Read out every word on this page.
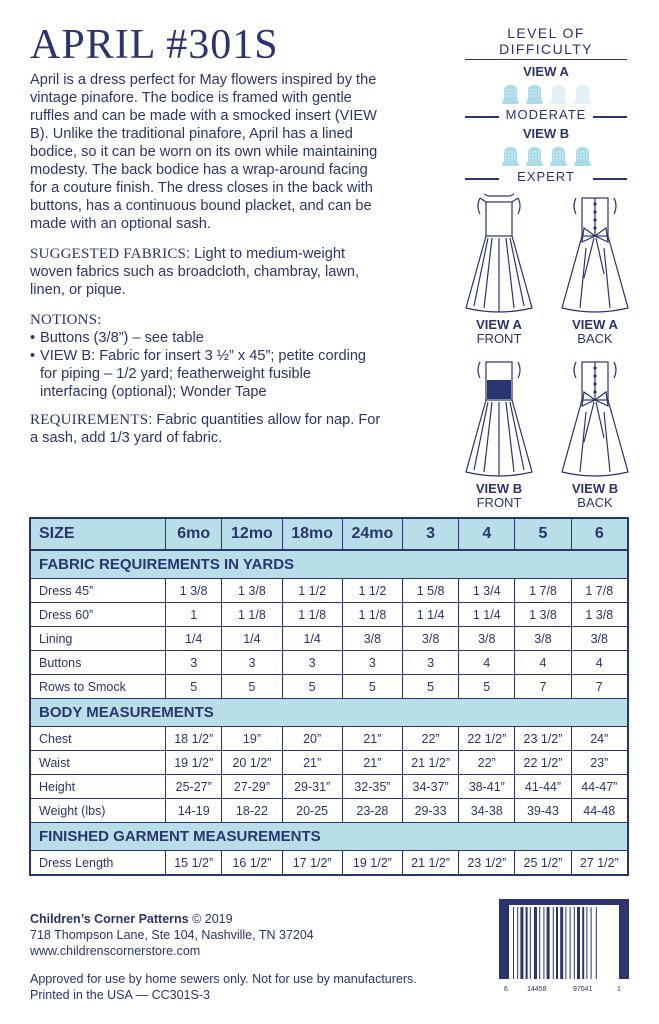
APRIL #301S

April is a dress perfect for May flowers inspired by the vintage pinafore. The bodice is framed with gentle ruffles and can be made with a smocked insert (VIEW B). Unlike the traditional pinafore, April has a lined bodice, so it can be worn on its own while maintaining modesty. The back bodice has a wrap-around facing for a couture finish. The dress closes in the back with buttons, has a continuous bound placket, and can be made with an optional sash.

SUGGESTED FABRICS: Light to medium-weight woven fabrics such as broadcloth, chambray, lawn, linen, or pique.

NOTIONS:
• Buttons (3/8”) – see table
• VIEW B: Fabric for insert 3 ½” x 45”; petite cording for piping – 1/2 yard; featherweight fusible interfacing (optional); Wonder Tape

REQUIREMENTS: Fabric quantities allow for nap. For a sash, add 1/3 yard of fabric.

LEVEL OF DIFFICULTY
VIEW A
MODERATE
VIEW B
EXPERT
VIEW A
FRONT
VIEW A
BACK
VIEW B
FRONT
VIEW B
BACK
SIZE	6mo	12mo	18mo	24mo	3	4	5	6
FABRIC REQUIREMENTS IN YARDS								
Dress 45”	1 3/8	1 3/8	1 1/2	1 1/2	1 5/8	1 3/4	1 7/8	1 7/8
Dress 60”	1	1 1/8	1 1/8	1 1/8	1 1/4	1 1/4	1 3/8	1 3/8
Lining	1/4	1/4	1/4	3/8	3/8	3/8	3/8	3/8
Buttons	3	3	3	3	3	4	4	4
Rows to Smock	5	5	5	5	5	5	7	7
BODY MEASUREMENTS								
Chest	18 1/2”	19”	20”	21”	22”	22 1/2”	23 1/2”	24”
Waist	19 1/2”	20 1/2”	21”	21”	21 1/2”	22”	22 1/2”	23”
Height	25-27”	27-29”	29-31”	32-35”	34-37”	38-41”	41-44”	44-47”
Weight (lbs)	14-19	18-22	20-25	23-28	29-33	34-38	39-43	44-48
FINISHED GARMENT MEASUREMENTS								
Dress Length	15 1/2”	16 1/2”	17 1/2”	19 1/2”	21 1/2”	23 1/2”	25 1/2”	27 1/2”
Children’s Corner Patterns © 2019
718 Thompson Lane, Ste 104, Nashville, TN 37204
www.childrenscornerstore.com
Approved for use by home sewers only. Not for use by manufacturers.
Printed in the USA — CC301S-3	6	14458	97041	1
